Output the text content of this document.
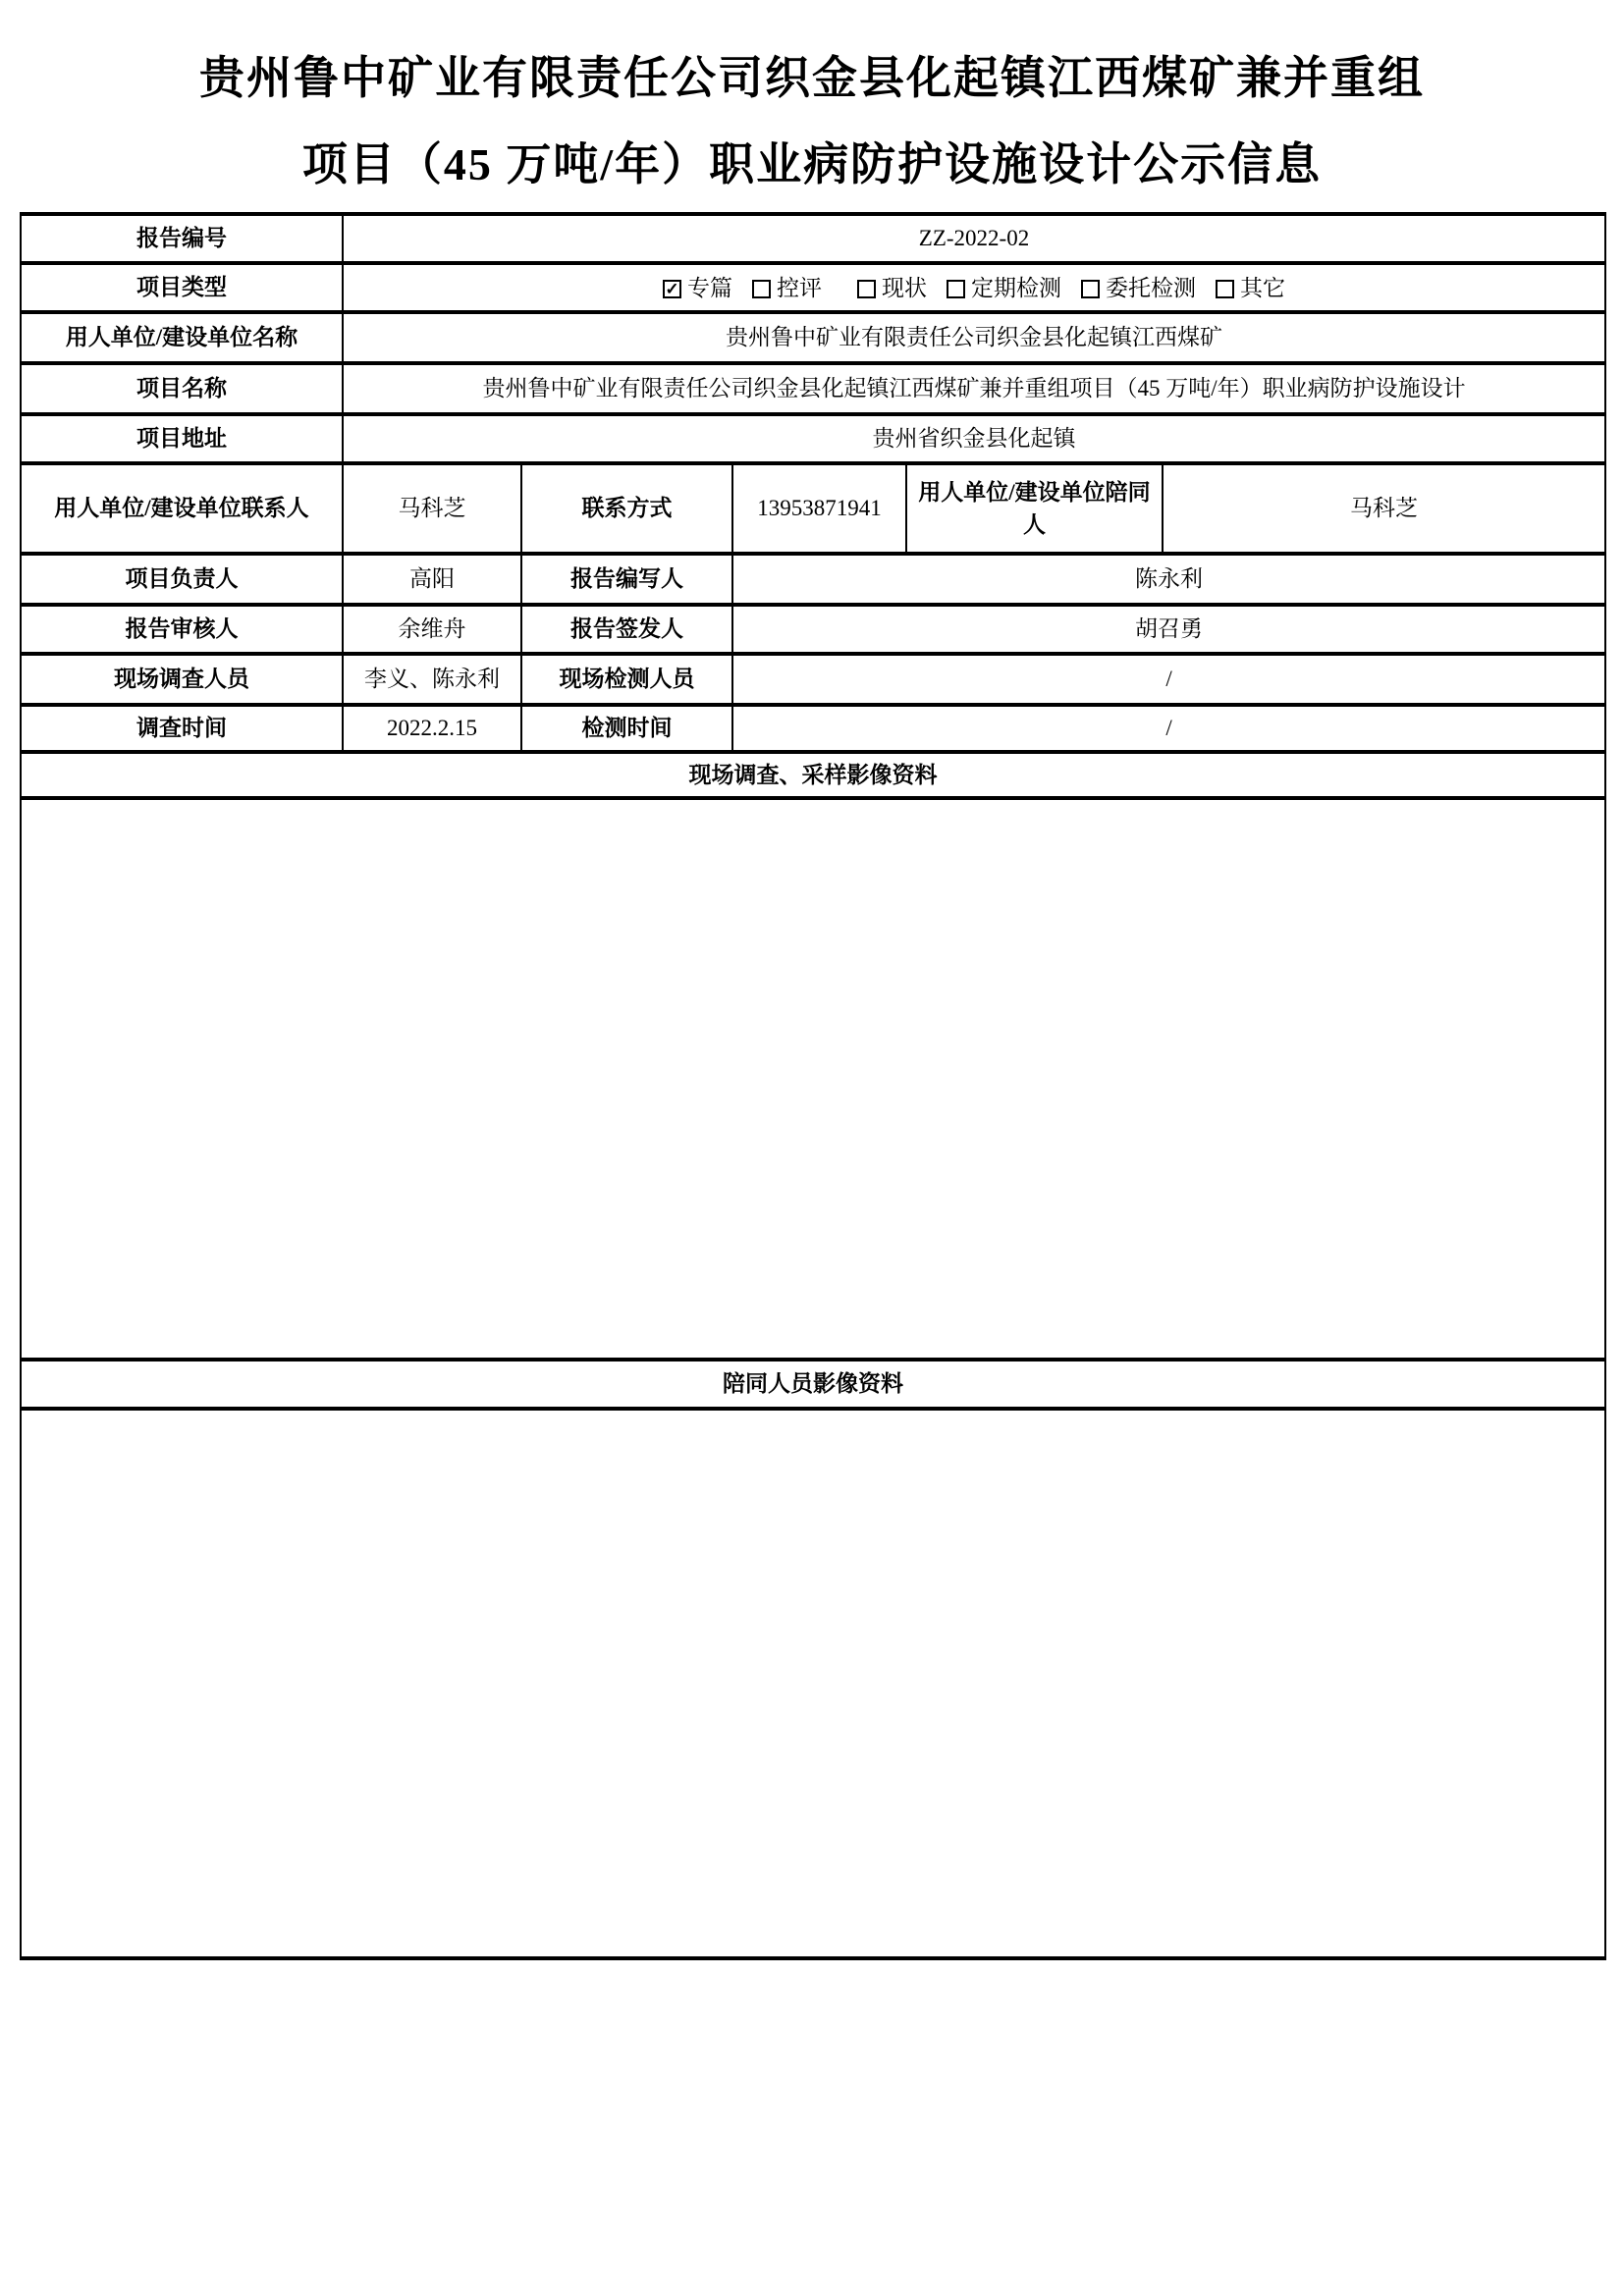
贵州鲁中矿业有限责任公司织金县化起镇江西煤矿兼并重组
项目（45 万吨/年）职业病防护设施设计公示信息
报告编号	ZZ-2022-02				
项目类型	✓ 专篇 控评	现状 定期检测 委托检测 其它

用人单位/建设单位名称	贵州鲁中矿业有限责任公司织金县化起镇江西煤矿				
项目名称	贵州鲁中矿业有限责任公司织金县化起镇江西煤矿兼并重组项目（45 万吨/年）职业病防护设施设计				
项目地址	贵州省织金县化起镇				
用人单位/建设单位联系人	马科芝	联系方式	13953871941	用人单位/建设单位陪同人	马科芝
项目负责人	高阳	报告编写人	陈永利		
报告审核人	余维舟	报告签发人	胡召勇		
现场调查人员	李义、陈永利	现场检测人员	/		
调查时间	2022.2.15	检测时间	/		
现场调查、采样影像资料					

陪同人员影像资料					
